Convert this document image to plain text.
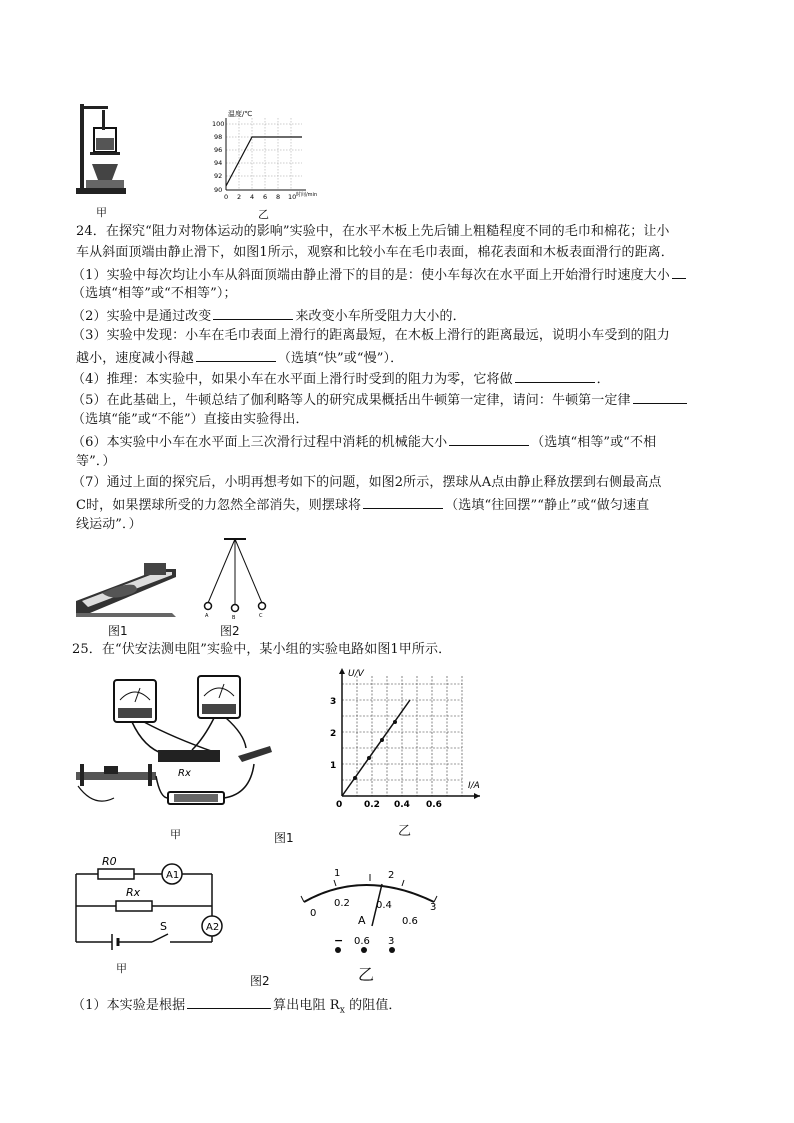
甲
温度/℃
100
98
96
94
92
90
0 2 4 6 8 10 时间/min
乙
24．在探究“阻力对物体运动的影响”实验中，在水平木板上先后铺上粗糙程度不同的毛巾和棉花；让小
车从斜面顶端由静止滑下，如图1所示，观察和比较小车在毛巾表面，棉花表面和木板表面滑行的距离．
（1）实验中每次均让小车从斜面顶端由静止滑下的目的是：使小车每次在水平面上开始滑行时速度大小
（选填“相等”或“不相等”）；
（2）实验中是通过改变	来改变小车所受阻力大小的．
（3）实验中发现：小车在毛巾表面上滑行的距离最短，在木板上滑行的距离最远，说明小车受到的阻力
越小，速度减小得越	（选填“快”或“慢”）．
（4）推理：本实验中，如果小车在水平面上滑行时受到的阻力为零，它将做	．
（5）在此基础上，牛顿总结了伽利略等人的研究成果概括出牛顿第一定律，请问：牛顿第一定律
（选填“能”或“不能”）直接由实验得出．
（6）本实验中小车在水平面上三次滑行过程中消耗的机械能大小	（选填“相等”或“不相
等”．）
（7）通过上面的探究后，小明再想考如下的问题，如图2所示，摆球从A点由静止释放摆到右侧最高点
C时，如果摆球所受的力忽然全部消失，则摆球将	（选填“往回摆”“静止”或“做匀速直
线运动”．）
图1
A	B	C
图2
25．在“伏安法测电阻”实验中，某小组的实验电路如图1甲所示．
Rx
甲	图1
U/V
I/A
3
2
1
0 0.2 0.4 0.6
乙
R0
A1
Rx
A2
S
甲
图2
1	2
0
0.2	0.4
0.6
3
A
− 0.6 3
乙
（1）本实验是根据	算出电阻 $R_x$ 的阻值．
